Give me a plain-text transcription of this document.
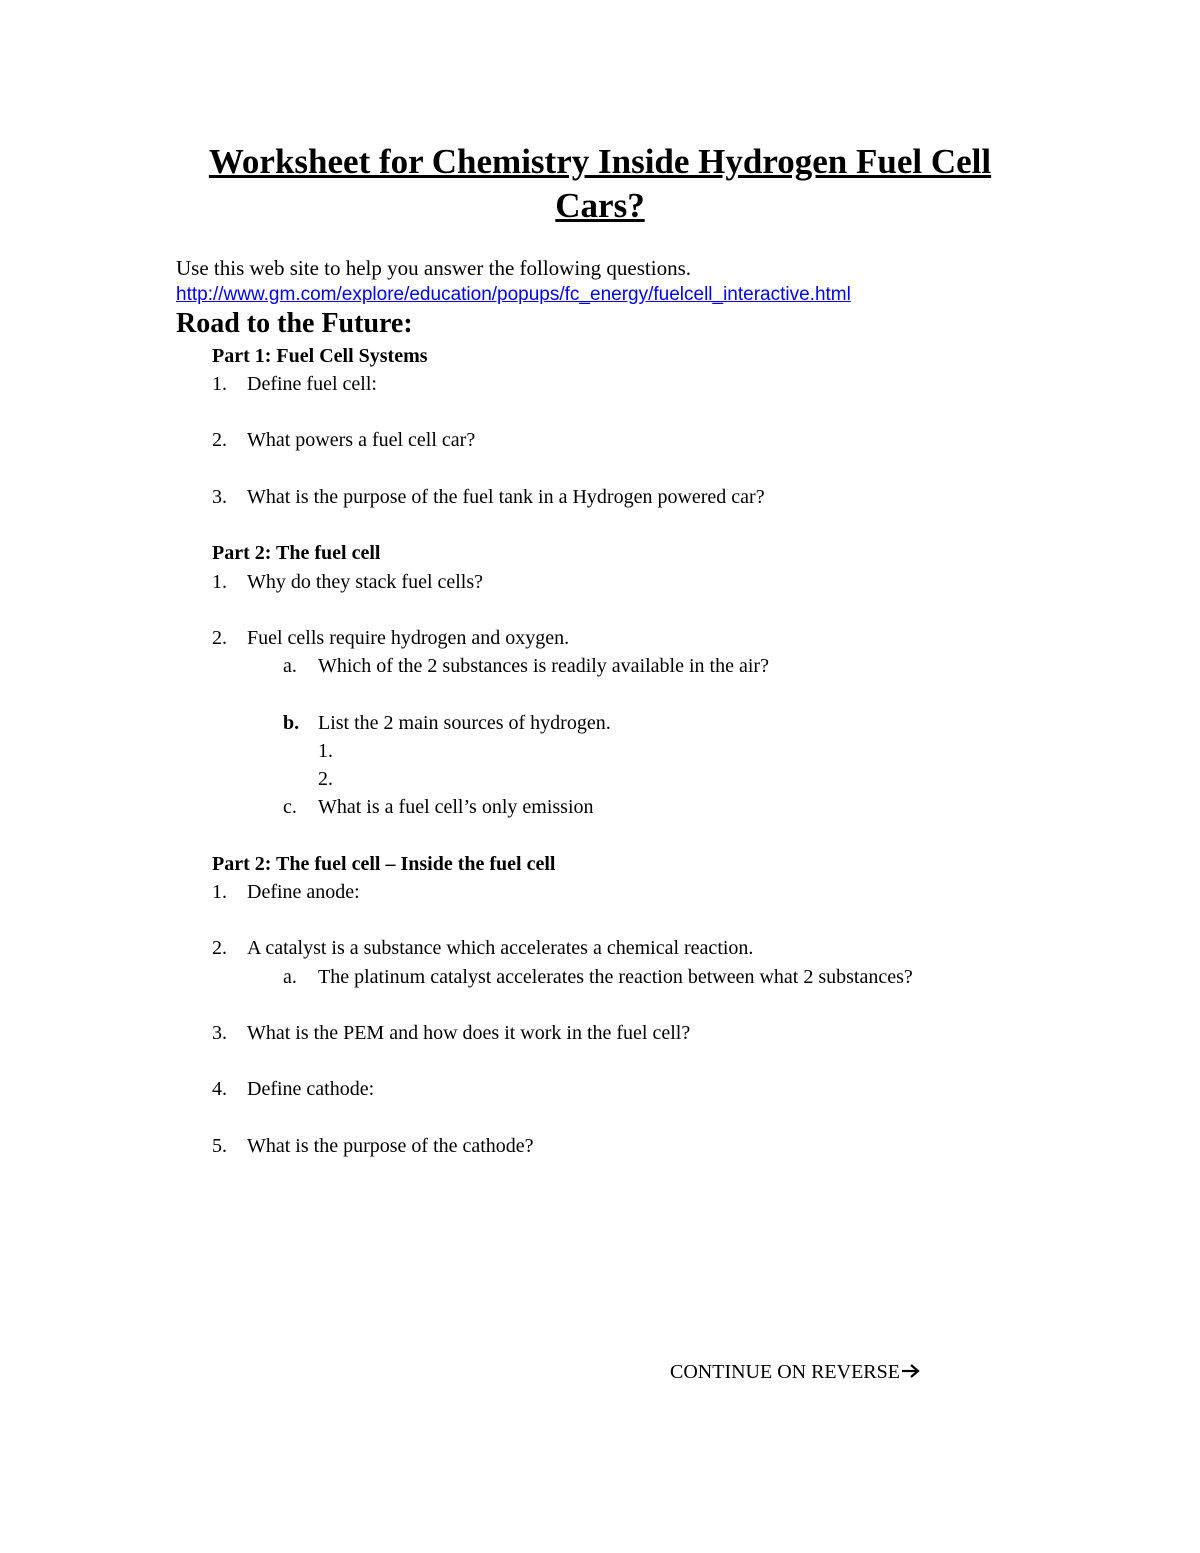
Worksheet for Chemistry Inside Hydrogen Fuel Cell
Cars?
Use this web site to help you answer the following questions.
http://www.gm.com/explore/education/popups/fc_energy/fuelcell_interactive.html
Road to the Future:
Part 1: Fuel Cell Systems
1. Define fuel cell:
2. What powers a fuel cell car?
3. What is the purpose of the fuel tank in a Hydrogen powered car?
Part 2: The fuel cell
1. Why do they stack fuel cells?
2. Fuel cells require hydrogen and oxygen.
a. Which of the 2 substances is readily available in the air?
b. List the 2 main sources of hydrogen.
1.
2.
c. What is a fuel cell’s only emission
Part 2: The fuel cell – Inside the fuel cell
1. Define anode:
2. A catalyst is a substance which accelerates a chemical reaction.
a. The platinum catalyst accelerates the reaction between what 2 substances?
3. What is the PEM and how does it work in the fuel cell?
4. Define cathode:
5. What is the purpose of the cathode?
CONTINUE ON REVERSE
